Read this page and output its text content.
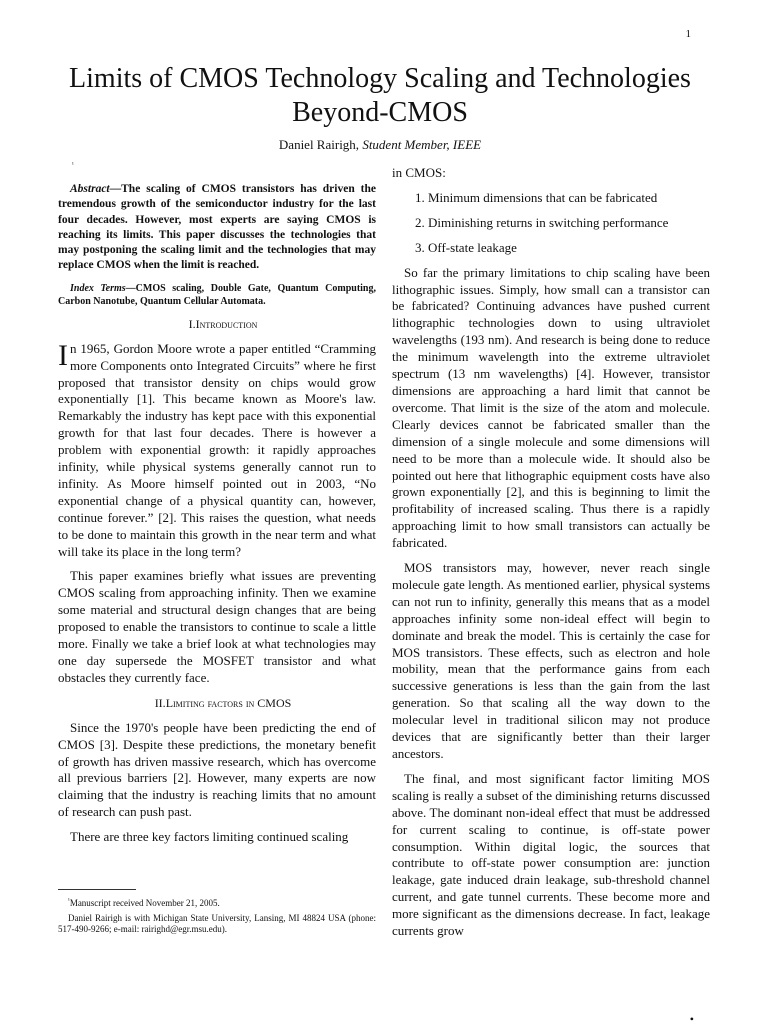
1
Limits of CMOS Technology Scaling and Technologies Beyond-CMOS
Daniel Rairigh, Student Member, IEEE
¹

Abstract—The scaling of CMOS transistors has driven the tremendous growth of the semiconductor industry for the last four decades. However, most experts are saying CMOS is reaching its limits. This paper discusses the technologies that may postponing the scaling limit and the technologies that may replace CMOS when the limit is reached.

Index Terms—CMOS scaling, Double Gate, Quantum Computing, Carbon Nanotube, Quantum Cellular Automata.

I.Introduction

In 1965, Gordon Moore wrote a paper entitled “Cramming more Components onto Integrated Circuits” where he first proposed that transistor density on chips would grow exponentially [1]. This became known as Moore's law. Remarkably the industry has kept pace with this exponential growth for that last four decades. There is however a problem with exponential growth: it rapidly approaches infinity, while physical systems generally cannot run to infinity. As Moore himself pointed out in 2003, “No exponential change of a physical quantity can, however, continue forever.” [2]. This raises the question, what needs to be done to maintain this growth in the near term and what will take its place in the long term?

This paper examines briefly what issues are preventing CMOS scaling from approaching infinity. Then we examine some material and structural design changes that are being proposed to enable the transistors to continue to scale a little more. Finally we take a brief look at what technologies may one day supersede the MOSFET transistor and what obstacles they currently face.

II.Limiting factors in CMOS

Since the 1970's people have been predicting the end of CMOS [3]. Despite these predictions, the monetary benefit of growth has driven massive research, which has overcome all previous barriers [2]. However, many experts are now claiming that the industry is reaching limits that no amount of research can push past.

There are three key factors limiting continued scaling

$^{^1}$Manuscript received November 21, 2005.

Daniel Rairigh is with Michigan State University, Lansing, MI 48824 USA (phone: 517-490-9266; e-mail: rairighd@egr.msu.edu).

in CMOS:

1. Minimum dimensions that can be fabricated
2. Diminishing returns in switching performance
3. Off-state leakage

So far the primary limitations to chip scaling have been lithographic issues. Simply, how small can a transistor can be fabricated? Continuing advances have pushed current lithographic technologies down to using ultraviolet wavelengths (193 nm). And research is being done to reduce the minimum wavelength into the extreme ultraviolet spectrum (13 nm wavelengths) [4]. However, transistor dimensions are approaching a hard limit that cannot be overcome. That limit is the size of the atom and molecule. Clearly devices cannot be fabricated smaller than the dimension of a single molecule and some dimensions will need to be more than a molecule wide. It should also be pointed out here that lithographic equipment costs have also grown exponentially [2], and this is beginning to limit the profitability of increased scaling. Thus there is a rapidly approaching limit to how small transistors can actually be fabricated.

MOS transistors may, however, never reach single molecule gate length. As mentioned earlier, physical systems can not run to infinity, generally this means that as a model approaches infinity some non-ideal effect will begin to dominate and break the model. This is certainly the case for MOS transistors. These effects, such as electron and hole mobility, mean that the performance gains from each successive generations is less than the gain from the last generation. So that scaling all the way down to the molecular level in traditional silicon may not produce devices that are significantly better than their larger ancestors.

The final, and most significant factor limiting MOS scaling is really a subset of the diminishing returns discussed above. The dominant non-ideal effect that must be addressed for current scaling to continue, is off-state power consumption. Within digital logic, the sources that contribute to off-state power consumption are: junction leakage, gate induced drain leakage, sub-threshold channel current, and gate tunnel currents. These become more and more significant as the dimensions decrease. In fact, leakage currents grow

•
